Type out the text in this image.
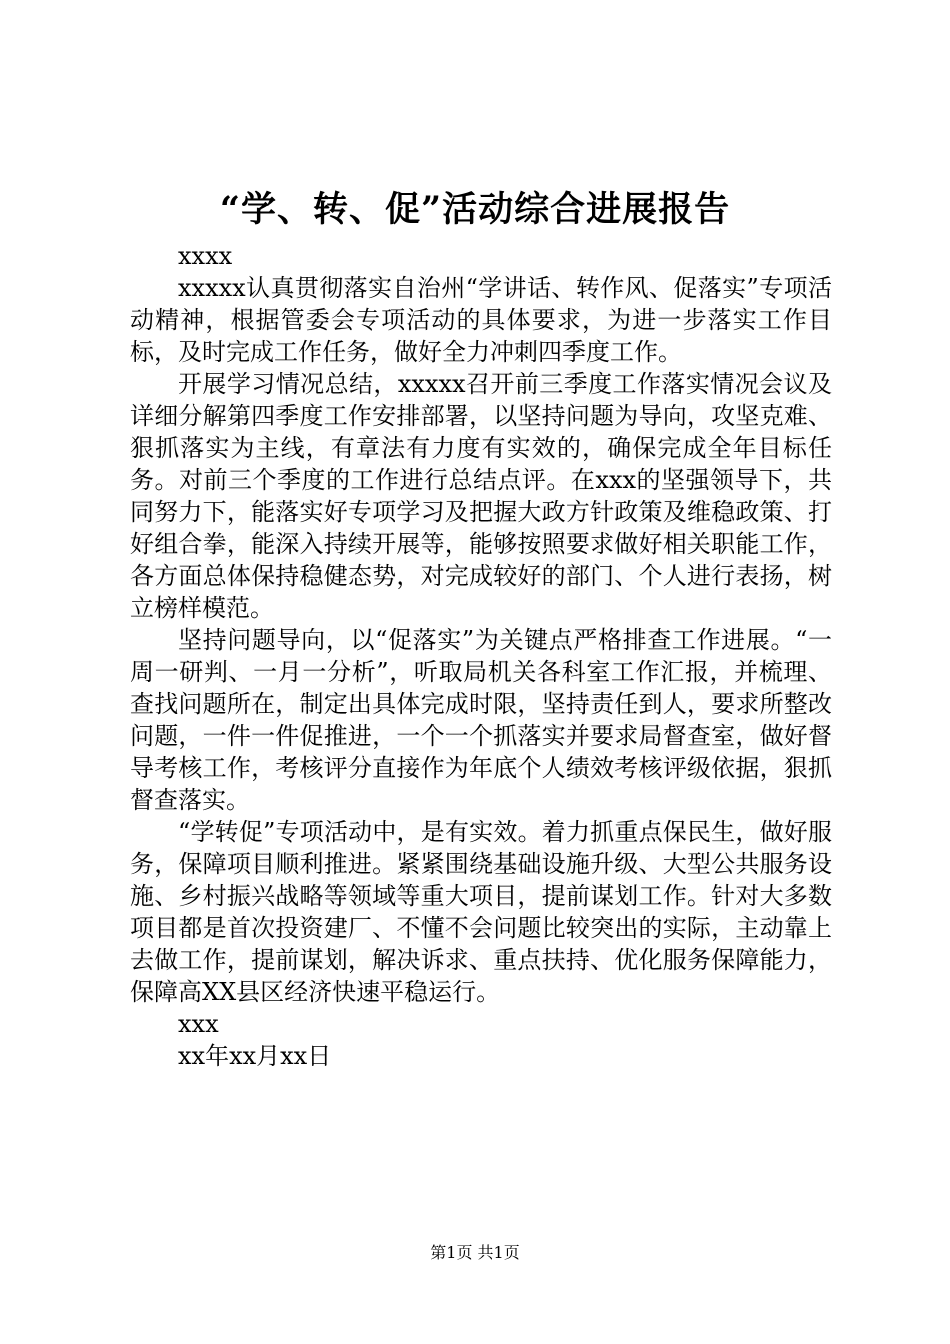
“学、转、促”活动综合进展报告

xxxx

xxxxx认真贯彻落实自治州“学讲话、转作风、促落实”专项活动精神，根据管委会专项活动的具体要求，为进一步落实工作目标，及时完成工作任务，做好全力冲刺四季度工作。

开展学习情况总结，xxxxx召开前三季度工作落实情况会议及详细分解第四季度工作安排部署，以坚持问题为导向，攻坚克难、狠抓落实为主线，有章法有力度有实效的，确保完成全年目标任务。对前三个季度的工作进行总结点评。在xxx的坚强领导下，共同努力下，能落实好专项学习及把握大政方针政策及维稳政策、打好组合拳，能深入持续开展等，能够按照要求做好相关职能工作，各方面总体保持稳健态势，对完成较好的部门、个人进行表扬，树立榜样模范。

坚持问题导向，以“促落实”为关键点严格排查工作进展。“一周一研判、一月一分析”，听取局机关各科室工作汇报，并梳理、查找问题所在，制定出具体完成时限，坚持责任到人，要求所整改问题，一件一件促推进，一个一个抓落实并要求局督查室，做好督导考核工作，考核评分直接作为年底个人绩效考核评级依据，狠抓督查落实。

“学转促”专项活动中，是有实效。着力抓重点保民生，做好服务，保障项目顺利推进。紧紧围绕基础设施升级、大型公共服务设施、乡村振兴战略等领域等重大项目，提前谋划工作。针对大多数项目都是首次投资建厂、不懂不会问题比较突出的实际，主动靠上去做工作，提前谋划，解决诉求、重点扶持、优化服务保障能力，保障高XX县区经济快速平稳运行。

xxx

xx年xx月xx日

第1页 共1页
